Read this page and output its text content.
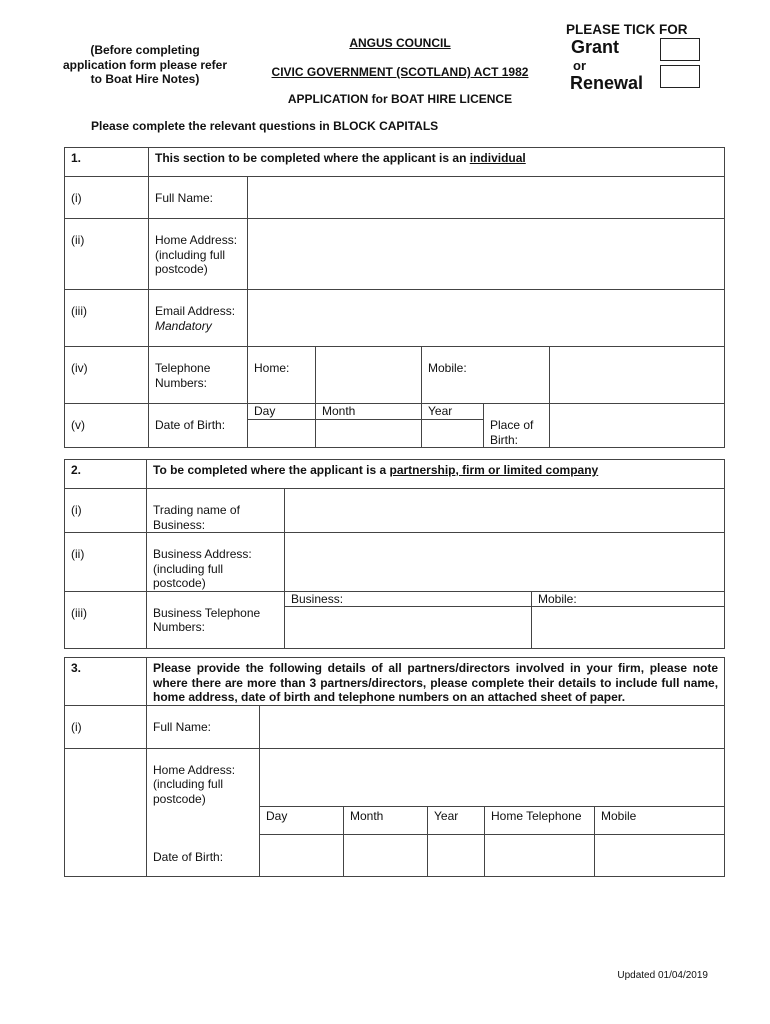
(Before completing application form please refer to Boat Hire Notes)
ANGUS COUNCIL
CIVIC GOVERNMENT (SCOTLAND) ACT 1982
APPLICATION for BOAT HIRE LICENCE
PLEASE TICK FOR
Grant
or
Renewal
Please complete the relevant questions in BLOCK CAPITALS
1.	This section to be completed where the applicant is an individual					
(i)	Full Name:					
(ii)	Home Address: (including full postcode)					
(iii)	Email Address:
Mandatory					

(iv)	Telephone Numbers:	Home:		Mobile:		
(v)	Date of Birth:	Day	Month	Year	Place of Birth:	

2.	To be completed where the applicant is a partnership, firm or limited company		
(i)	Trading name of Business:		
(ii)	Business Address: (including full postcode)		
(iii)	Business Telephone Numbers:	Business:	Mobile:

3.	Please provide the following details of all partners/directors involved in your firm, please note where there are more than 3 partners/directors, please complete their details to include full name, home address, date of birth and telephone numbers on an attached sheet of paper.					
(i)	Full Name:					
	Home Address: (including full postcode)					
	Date of Birth:	Day	Month	Year	Home Telephone	Mobile

Updated 01/04/2019
